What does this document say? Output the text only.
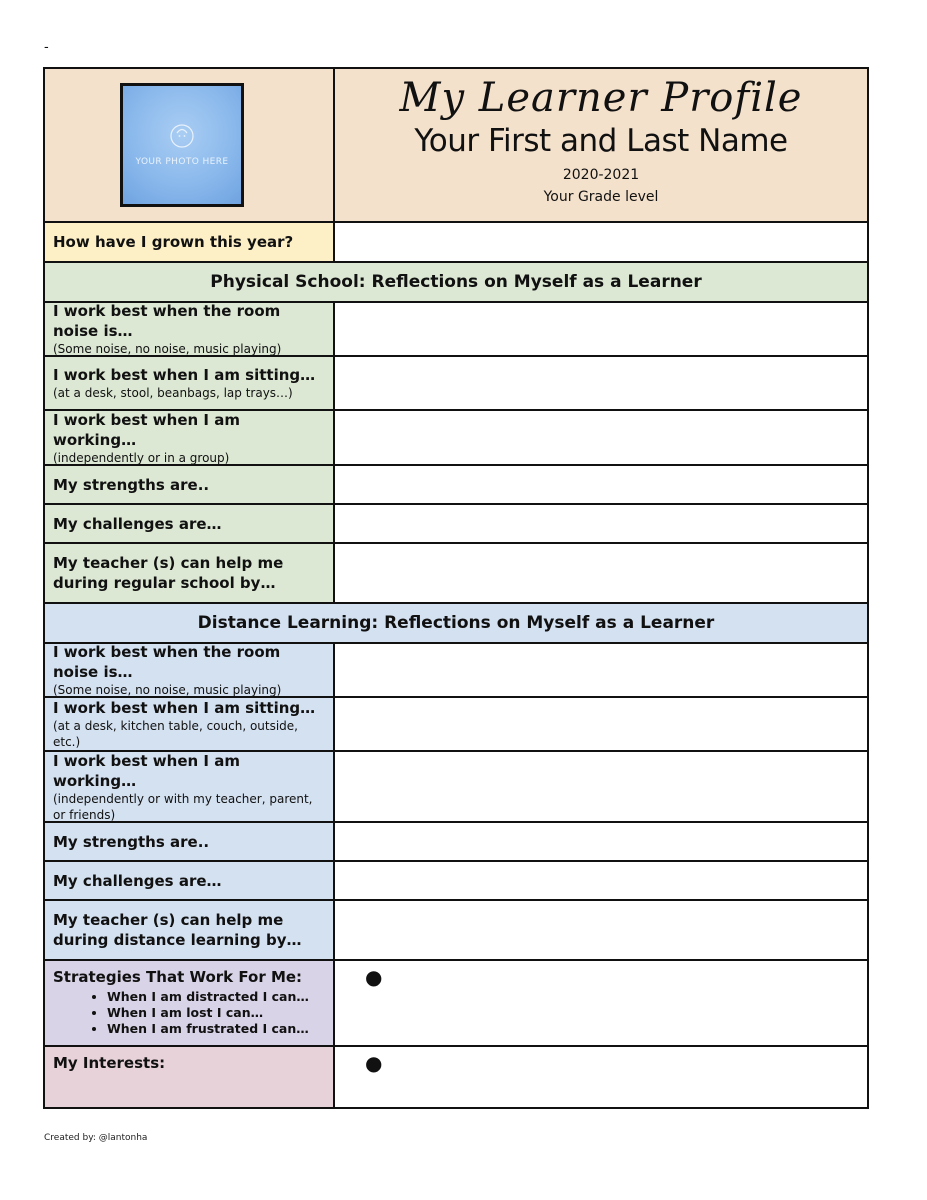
-
YOUR PHOTO HERE
My Learner Profile
Your First and Last Name
2020-2021
Your Grade level
How have I grown this year?
Physical School: Reflections on Myself as a Learner
I work best when the room noise is…
(Some noise, no noise, music playing)
I work best when I am sitting…
(at a desk, stool, beanbags, lap trays…)
I work best when I am working…
(independently or in a group)
My strengths are..
My challenges are…
My teacher (s) can help me during regular school by…
Distance Learning: Reflections on Myself as a Learner
I work best when the room noise is…
(Some noise, no noise, music playing)
I work best when I am sitting…
(at a desk, kitchen table, couch, outside, etc.)
I work best when I am working…
(independently or with my teacher, parent, or friends)
My strengths are..
My challenges are…
My teacher (s) can help me during distance learning by…
Strategies That Work For Me:
• When I am distracted I can…
• When I am lost I can…
• When I am frustrated I can…
●
My Interests:	●
Created by: @lantonha
